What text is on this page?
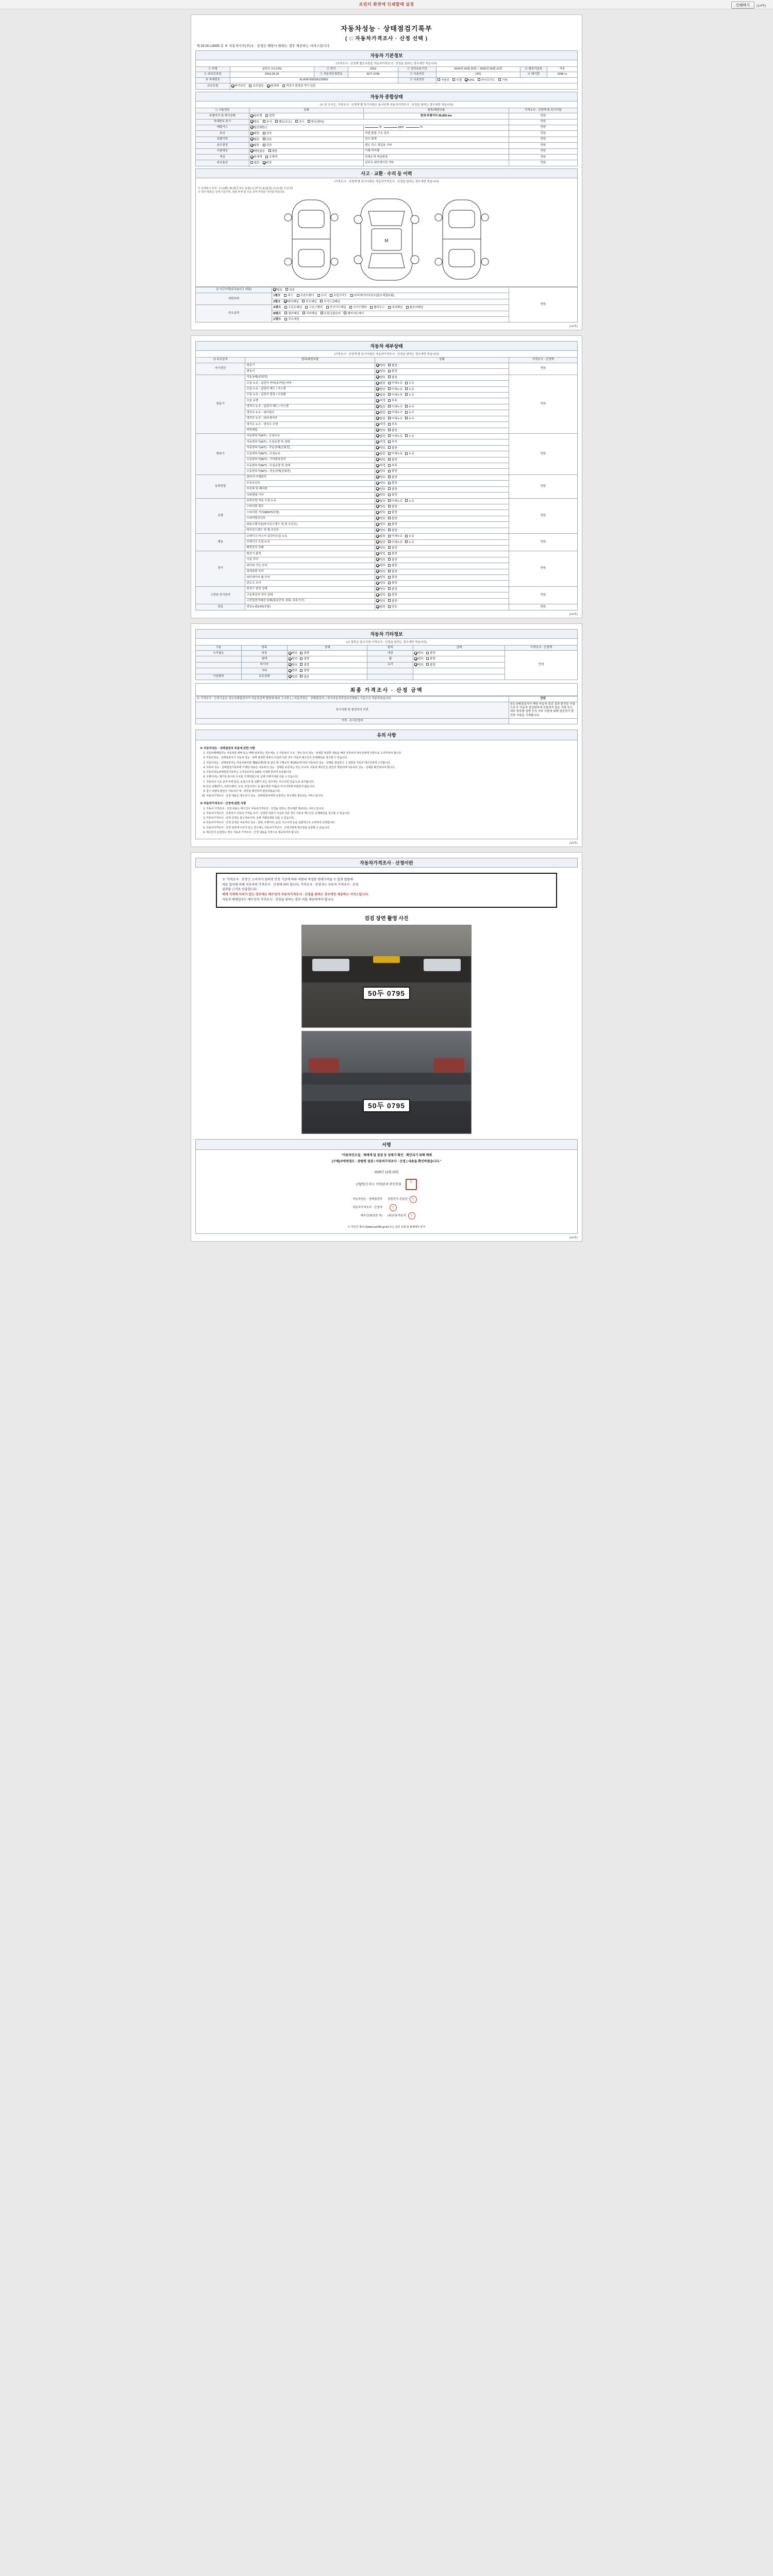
프린터 화면에 인쇄할때 설정	인쇄하기	(1/4쪽)
자동차성능 · 상태점검기록부
( □ 자동차가격조사 · 산정 선택 )
제 25-00-13905 호 ※ 자동차사무(주)국 · 상정은 해당사 원하는 경우 제공하는 서비스입니다.
자동차 기본정보
(가격조사 · 산정액 별도사항은 자동차가격조사 · 산정을 원하는 경우에만 적습니다)
① 차명	올란도 2.0 LPG	② 연식	2016	③ 검사유효기간	2024년 06월 20일 ~ 2026년 06월 19일	⑥ 변속기종류	자동
④ 최초등록일	2016.06.20	⑤ 자동차등록번호	50두 0795	⑦ 사용연료	LPG	⑧ 배기량	1998 cc
⑩ 차대번호	KLAYA7560GK233891			⑨ 사용연료	가솔린 디젤 LPG 하이브리드 기타		
보증유형	자가보증 보증없음 원상태 색상이 변경된 적이 있음						
자동차 종합상태
(※ 본 조사는, 가격조사 · 산정액 별 특기사항은 용사인과 자동차가격조사 · 산정을 원하는 경우에만 적습니다)
① 사용연료	상태	항목/해당부품	가격조사 · 산정액 및 특기사항
주행거리 및 계기상태	실주행 불량	현재 주행거리 96,855 km	만원
차대번호 표기	양호 부식 훼손(오손) 상이 변조(변타)		만원
배출가스	일산화탄소	% ppm %	만원
튜닝	없음 있음	적법 불법 구조 장치	만원
특별이력	없음 있음	침수 화재	만원
용도변경	없음 있음	렌트 리스 영업용 기타	만원
리콜대상	해당없음 해당	이행 미이행	만원
색상	무채색 유채색	전체도색 색상변경	만원
주요옵션	없음 있음	선루프 내비게이션 기타	만원
사고 · 교환 · 수리 등 이력
(가격조사 · 산정액 별 특기사항은 자동차가격조사 · 산정을 원하는 경우에만 적습니다)
※ 상태표시 부호 : X (교환), W (판금 또는 용접), C (부식), A (흠집), U (요철), T (손상)
※ 위의 항목은 실제 기준이며, 외판 부위 및 주요 골격 부위를 나타낸 것입니다.
M
⑫ 사고이력(유무)(사고 내용)	없음 있음	만원
외판부위	1랭크 후드 프론트펜더 도어 트렁크리드 라디에이터서포트(볼트체결부품)	
	2랭크 쿼터패널 루프패널 사이드실패널	
주요골격	A랭크 프론트패널 크로스멤버 인사이드패널 사이드멤버 휠하우스 대쉬패널 플로어패널	
	B랭크 필러패널 리어패널 트렁크플로어 패키지트레이	
	C랭크 루프레일	
(1/4쪽)
자동차 세부상태
(가격조사 · 산정액 별 특기사항은 자동차가격조사 · 산정을 원하는 경우에만 적습니다)
⑭ 주요장치	항목/해당부품	상태	가격조사 · 산정액
자기진단	원동기	양호 불량	만원
	변속기	양호 불량	
원동기	작동상태(공회전)	양호 불량	만원
	오일 누유 - 실린더 커버(로커암) 커버	없음 미세누유 누유	
	오일 누유 - 실린더 헤드 / 가스켓	없음 미세누유 누유	
	오일 누유 - 실린더 블록 / 오일팬	없음 미세누유 누유	
	오일 유량	적정 부족	
	냉각수 누수 - 실린더 헤드 / 가스켓	없음 미세누수 누수	
	냉각수 누수 - 워터펌프	없음 미세누수 누수	
	냉각수 누수 - 라디에이터	없음 미세누수 누수	
	냉각수 누수 - 냉각수 수량	적정 부족	
	커먼레일	양호 불량	
변속기	자동변속기(A/T) - 오일누유	없음 미세누유 누유	만원
	자동변속기(A/T) - 오일유량 및 상태	적정 부족	
	자동변속기(A/T) - 작동상태(공회전)	양호 불량	
	수동변속기(M/T) - 오일누유	없음 미세누유 누유	
	수동변속기(M/T) - 기어변속장치	양호 불량	
	수동변속기(M/T) - 오일유량 및 상태	적정 부족	
	수동변속기(M/T) - 작동상태(공회전)	양호 불량	
동력전달	클러치 어셈블리	양호 불량	만원
	등속조인트	양호 불량	
	추진축 및 베어링	양호 불량	
	디퍼렌셜 기어	양호 불량	
조향	동력조향 작동 오일 누유	없음 미세누유 누유	만원
	스티어링 펌프	양호 불량	
	스티어링 기어(MDPS포함)	양호 불량	
	스티어링조인트	양호 불량	
	파워크랭크암(타이로드엔드 및 볼 조인트)	양호 불량	
	타이로드엔드 및 볼 조인트	양호 불량	
제동	브레이크 마스터 실린더오일 누유	없음 미세누유 누유	만원
	브레이크 오일 누유	없음 미세누유 누유	
	배력장치 상태	양호 불량	
전기	발전기 출력	양호 불량	만원
	시동 모터	양호 불량	
	와이퍼 기능 모터	양호 불량	
	실내송풍 모터	양호 불량	
	라디에이터 팬 모터	양호 불량	
	윈도우 모터	양호 불량	
고전원 전기장치	충전구 절연 상태	양호 불량	만원
	구동축전지 격리 상태	양호 불량	
	고전원전기배선 상태(접속단자, 피복, 보호기구)	양호 불량	
연료	연료누출(LPG포함)	없음 있음	만원
(2/4쪽)
자동차 기타정보
(※ 항목은 참고사항 가격조사 · 산정을 원하는 경우에만 적습니다)
구분	항목	상태	항목	상태	가격조사 · 산정액
수리필요	외장	양호 불량	내장	양호 불량	만원
	광택	양호 불량	휠	양호 불량	
	타이어	양호 불량	유리	양호 불량	
	기타	양호 불량			
기본품목	보유상태	있음 없음			
최종 가격조사 · 산정 금액
※ 가격조사 · 산정기준은 성능상태점검자가 자동차관계 법령에 따라 고시한 ( □ 자동차성능 · 상태점검자 □ 한국자동차진단보증협회 ) 기준으로 적용하였습니다.	만원
특기사항 및 점검자의 의견	성능상태점검자가 해당 자동차 점검 결과 발견된 사항으로서 '자동차 점검항목에 포함되지 않은 사항 또는 세부 항목별 설명 등의 기타 사항에 대해 점검자가 발견한 사항을 기재합니다.
가격 · 조사산정자	
유의 사항
※ 자동차성능 · 상태점검자 부분에 관한 사항
1. 자동차매매업자는 자동차를 매매 또는 매매 알선하는 경우에는 그 자동차의 구조 · 장치 등의 성능 · 상태를 점검한 내용을 해당 자동차의 매수인에게 서면으로 고지하여야 합니다.
2. 자동차성능 · 상태점검자가 자동차 성능 · 상태 점검한 내용이 사실과 다른 경우 자동차 매수인은 손해배상을 청구할 수 있습니다.
3. 자동차성능 · 상태점검자는 자동차관리법 제58조제1항 및 같은 법 시행규칙 제120조에 따라 자동차의 성능 · 상태를 점검하고 그 결과를 자동차 매수인에게 고지합니다.
4. 자동차 성능 · 상태점검기록부에 기재된 내용은 자동차의 성능 · 상태를 보증하는 것은 아니며, 자동차 매수인은 본인의 책임하에 자동차의 성능 · 상태를 확인하여야 합니다.
5. 자동차성능상태점검기록부는 고지일로부터 120일 이내에 한하여 유효합니다.
6. 주행거리는 계기상 표시된 수치를 기재하였으며, 실제 주행거리와 다를 수 있습니다.
7. 자동차의 주요 골격 부위 판금, 용접수리 및 교환이 있는 경우에는 사고이력 '있음'으로 표기됩니다.
8. 단순 교환(후드, 프론트펜더, 도어, 트렁크리드 등 볼트체결 부품)은 사고이력에 포함되지 않습니다.
9. 침수 차량의 판단은 자동차의 내 · 외부를 확인하여 판단하였습니다.
10. 자동차가격조사 · 산정 내용은 매수인이 성능 · 상태점검자에게 요청하는 경우에만 제공되는 서비스입니다.
※ 자동차가격조사 · 산정에 관한 사항
1. 자동차 가격조사 · 산정 내용은 매수인이 자동차가격조사 · 산정을 원하는 경우에만 제공되는 서비스입니다.
2. 자동차가격조사 · 산정자가 자동차 가격을 조사 · 산정한 내용이 사실과 다른 경우 자동차 매수인은 손해배상을 청구할 수 있습니다.
3. 자동차가격조사 · 산정 금액은 참고자료이며, 실제 거래금액과 다를 수 있습니다.
4. 자동차가격조사 · 산정 금액은 자동차의 성능 · 상태, 주행거리, 옵션, 사고이력 등을 종합적으로 고려하여 산정합니다.
5. 자동차가격조사 · 산정 결과에 이의가 있는 경우에는 자동차가격조사 · 산정자에게 재산정을 요청할 수 있습니다.
6. 매수인이 요청하는 경우 자동차 가격조사 · 산정 내용을 서면으로 제공하여야 합니다.
(3/4쪽)
자동차가격조사 · 산정이란
※ '가격조사 · 산정'은 소비자가 원하면 안전 기준에 따라 차량의 적정한 판매가격을 수 있게 법령에
따른 절차에 의해 자동차의 가격조사 · 산정에 따라 합니다. 가격조사 · 산정자는 자동차 가격조사 · 산정
결과를 근거로 산출합니다.
매매 가격에 이의가 있는 경우에는 매수인이 자동차가격조사 · 산정을 원하는 경우에만 제공하는 서비스입니다.
자동차 매매업자는 매수인이 가격조사 · 산정을 원하는 경우 이를 제공하여야 합니다.
검검 장면 촬영 사진
50두 0795
50두 0795
서명
"자동차인도일 · 매매계 및 점검 등 상태가 확인 · 확인되기 위해 매매
(구매)자에게정도 · 관람한 점검 / 자동차가격조사 · 산정 ) 내용을 확인하였습니다."
2025년 12월 23일
[서]면(국 또는 자인)단과 본인진술 인
자동차성능 · 상태점검자	경원전사 관용관 인
자동차가격조사 · 산정자	인
매수인(위임한 자)	(주)유통자동차 인
※ 자인진 제조의(www.car365.go.kr) 또는 검증 조회 및 판매대부 번지
(4/4쪽)
